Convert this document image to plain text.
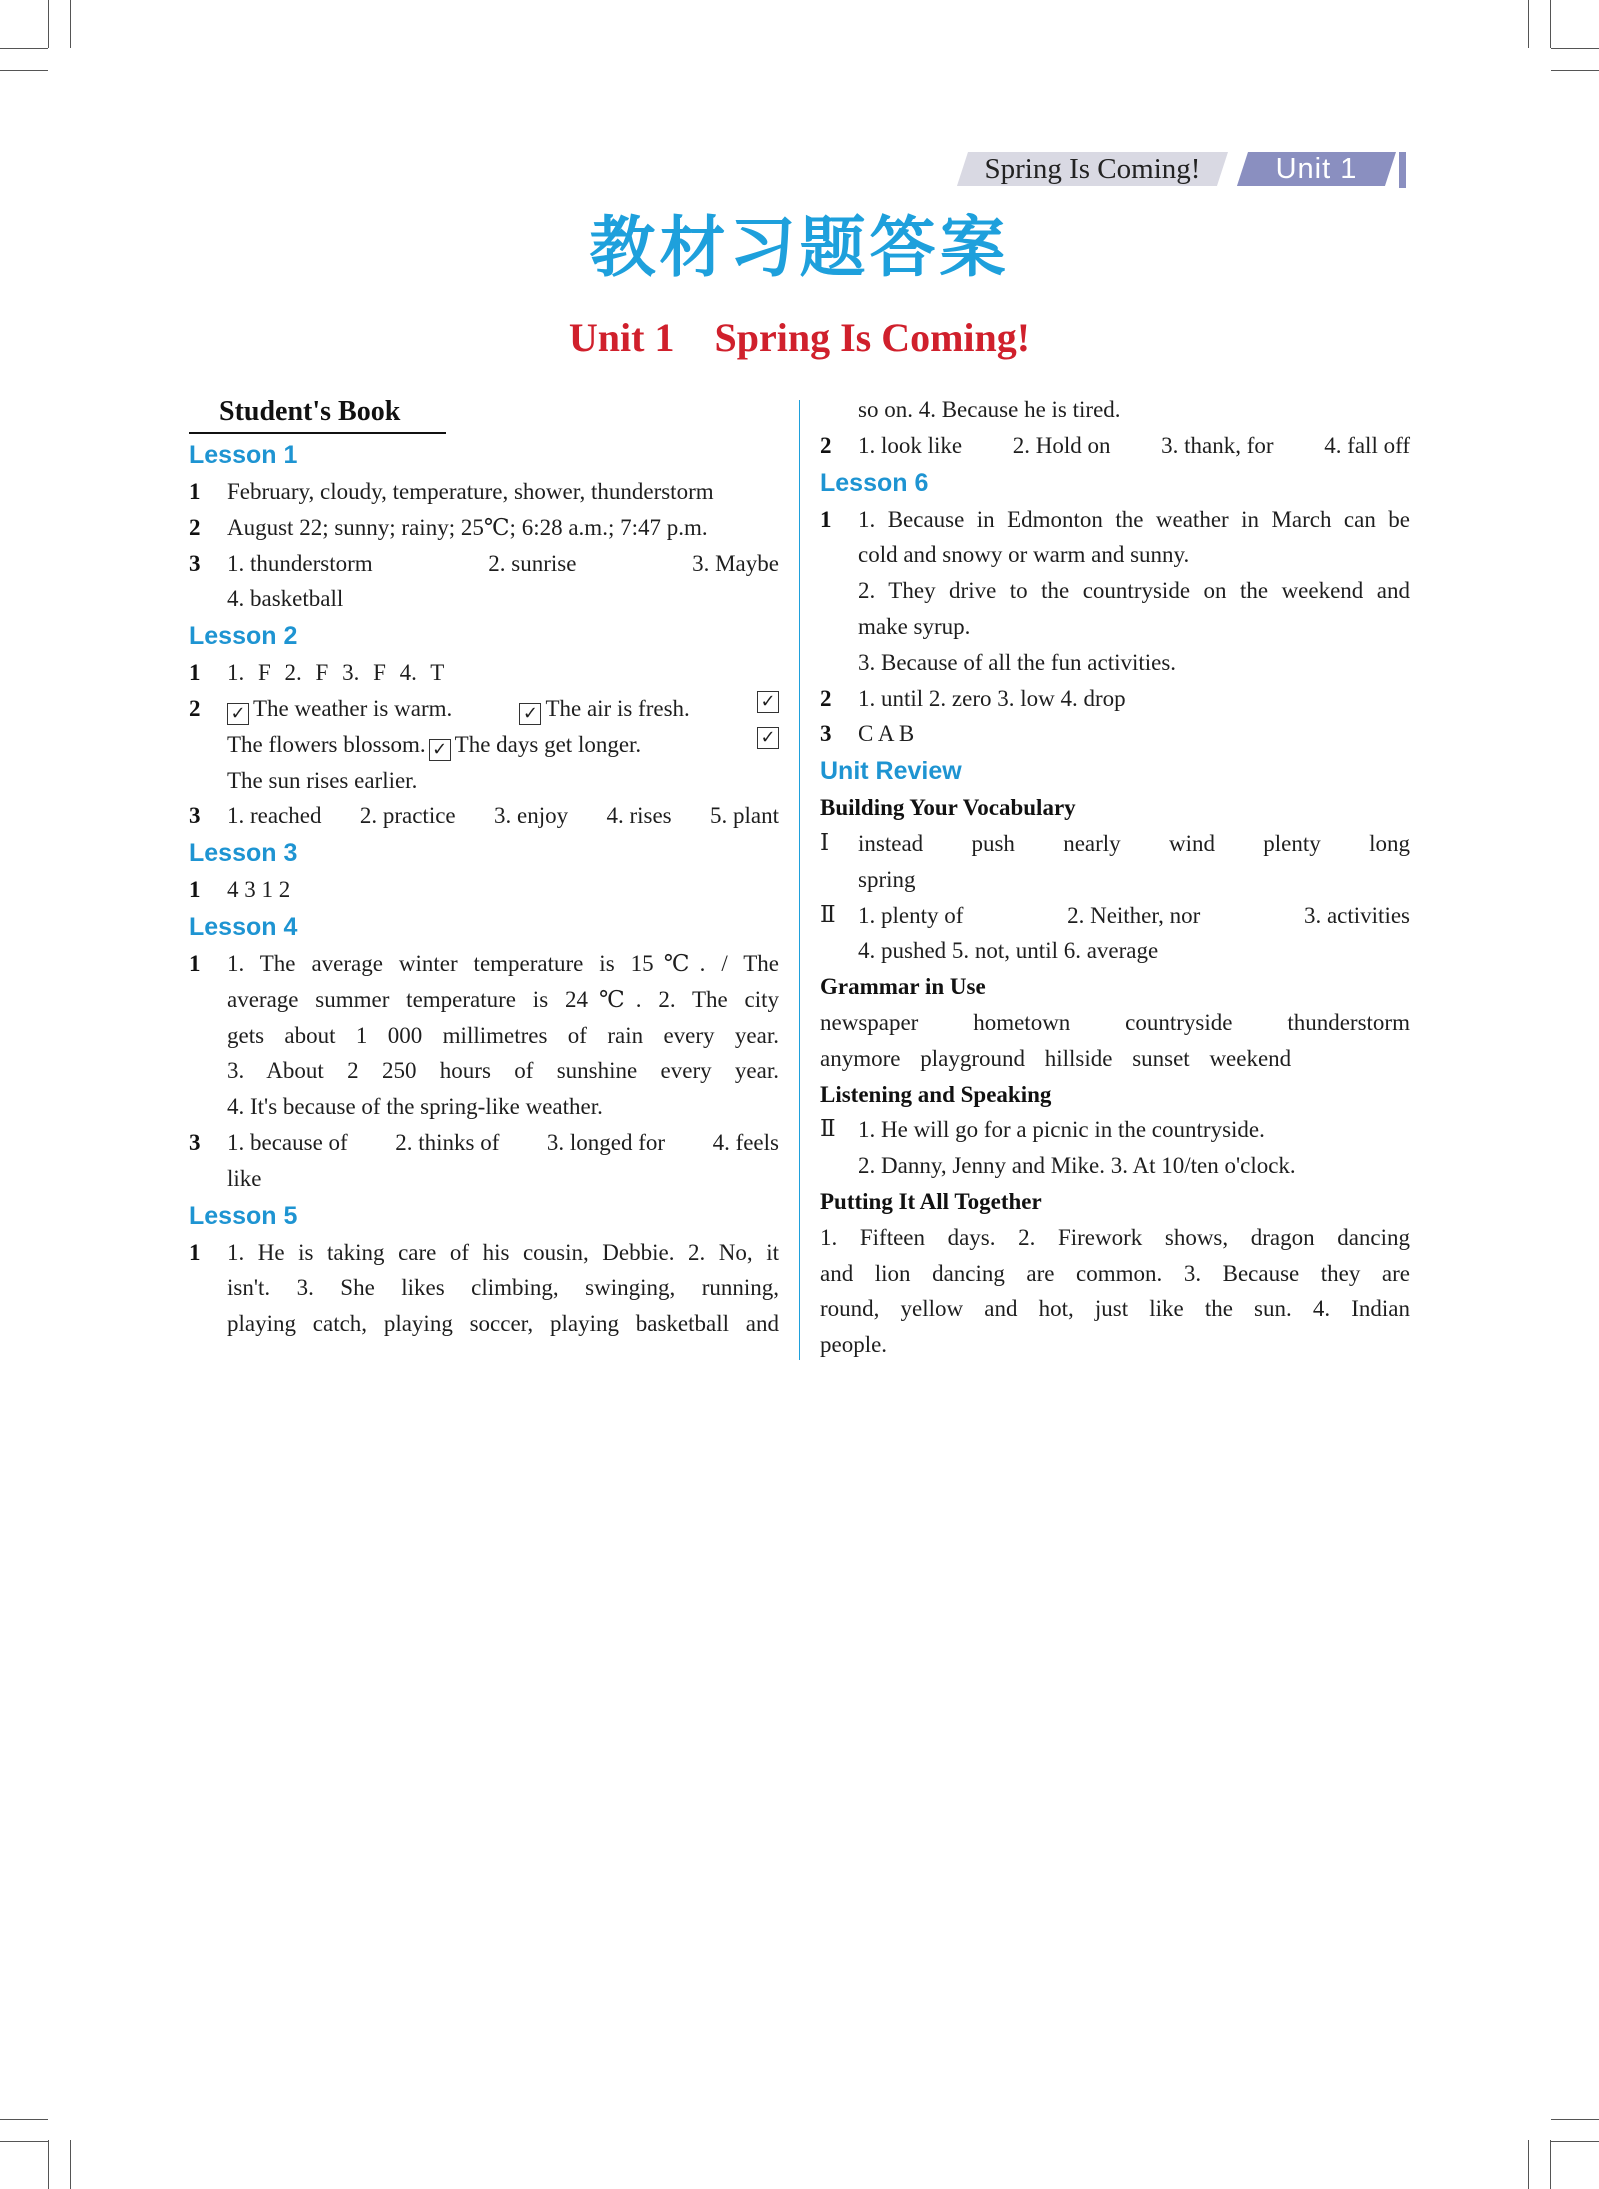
Spring Is Coming!	Unit 1
教材习题答案
Unit 1 Spring Is Coming!
Student's Book
Lesson 1
1	February, cloudy, temperature, shower, thunderstorm
2	August 22; sunny; rainy; 25℃; 6:28 a.m.; 7:47 p.m.
3	1. thunderstorm	2. sunrise	3. Maybe
4. basketball
Lesson 2
1	1. F 2. F 3. F 4. T
2	✓ The weather is warm.	✓ The air is fresh.	✓
The flowers blossom. ✓ The days get longer.	✓
The sun rises earlier.
3	1. reached 2. practice 3. enjoy 4. rises 5. plant
Lesson 3
1	4 3 1 2
Lesson 4
1	1. The average winter temperature is 15℃. / The
average summer temperature is 24℃. 2. The city
gets about 1 000 millimetres of rain every year.
3. About 2 250 hours of sunshine every year.
4. It's because of the spring-like weather.
3	1. because of 2. thinks of 3. longed for 4. feels
like
Lesson 5
1	1. He is taking care of his cousin, Debbie. 2. No, it
isn't. 3. She likes climbing, swinging, running,
playing catch, playing soccer, playing basketball and
so on. 4. Because he is tired.
2	1. look like 2. Hold on 3. thank, for 4. fall off
Lesson 6
1	1. Because in Edmonton the weather in March can be
cold and snowy or warm and sunny.
2. They drive to the countryside on the weekend and
make syrup.
3. Because of all the fun activities.
2	1. until 2. zero 3. low 4. drop
3	C A B
Unit Review
Building Your Vocabulary
Ⅰ	instead push nearly wind plenty long
spring
Ⅱ 1. plenty of	2. Neither, nor	3. activities
4. pushed 5. not, until 6. average
Grammar in Use
newspaper hometown countryside thunderstorm
anymore playground hillside sunset weekend
Listening and Speaking
Ⅱ 1. He will go for a picnic in the countryside.
2. Danny, Jenny and Mike. 3. At 10/ten o'clock.
Putting It All Together
1. Fifteen days. 2. Firework shows, dragon dancing
and lion dancing are common. 3. Because they are
round, yellow and hot, just like the sun. 4. Indian
people.
